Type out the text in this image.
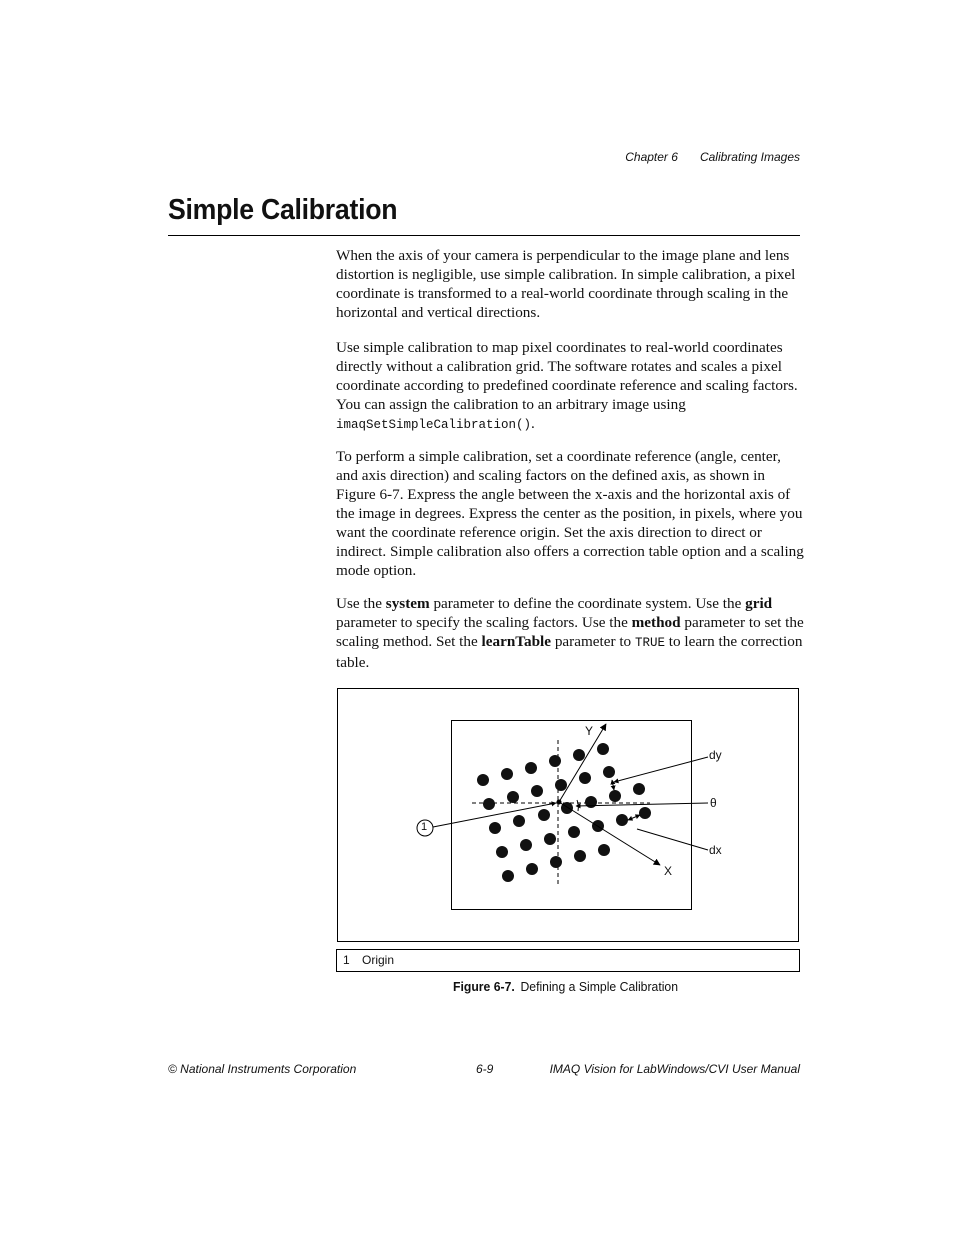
Chapter 6 Calibrating Images
Simple Calibration

When the axis of your camera is perpendicular to the image plane and lens distortion is negligible, use simple calibration. In simple calibration, a pixel coordinate is transformed to a real-world coordinate through scaling in the horizontal and vertical directions.

Use simple calibration to map pixel coordinates to real-world coordinates directly without a calibration grid. The software rotates and scales a pixel coordinate according to predefined coordinate reference and scaling factors. You can assign the calibration to an arbitrary image using
imaqSetSimpleCalibration().

To perform a simple calibration, set a coordinate reference (angle, center, and axis direction) and scaling factors on the defined axis, as shown in Figure 6-7. Express the angle between the x-axis and the horizontal axis of the image in degrees. Express the center as the position, in pixels, where you want the coordinate reference origin. Set the axis direction to direct or indirect. Simple calibration also offers a correction table option and a scaling mode option.

Use the system parameter to define the coordinate system. Use the grid parameter to specify the scaling factors. Use the method parameter to set the scaling method. Set the learnTable parameter to TRUE to learn the correction table.

Y
X
dy
θ
dx
1
1 Origin
Figure 6-7. Defining a Simple Calibration
© National Instruments Corporation	6-9	IMAQ Vision for LabWindows/CVI User Manual
